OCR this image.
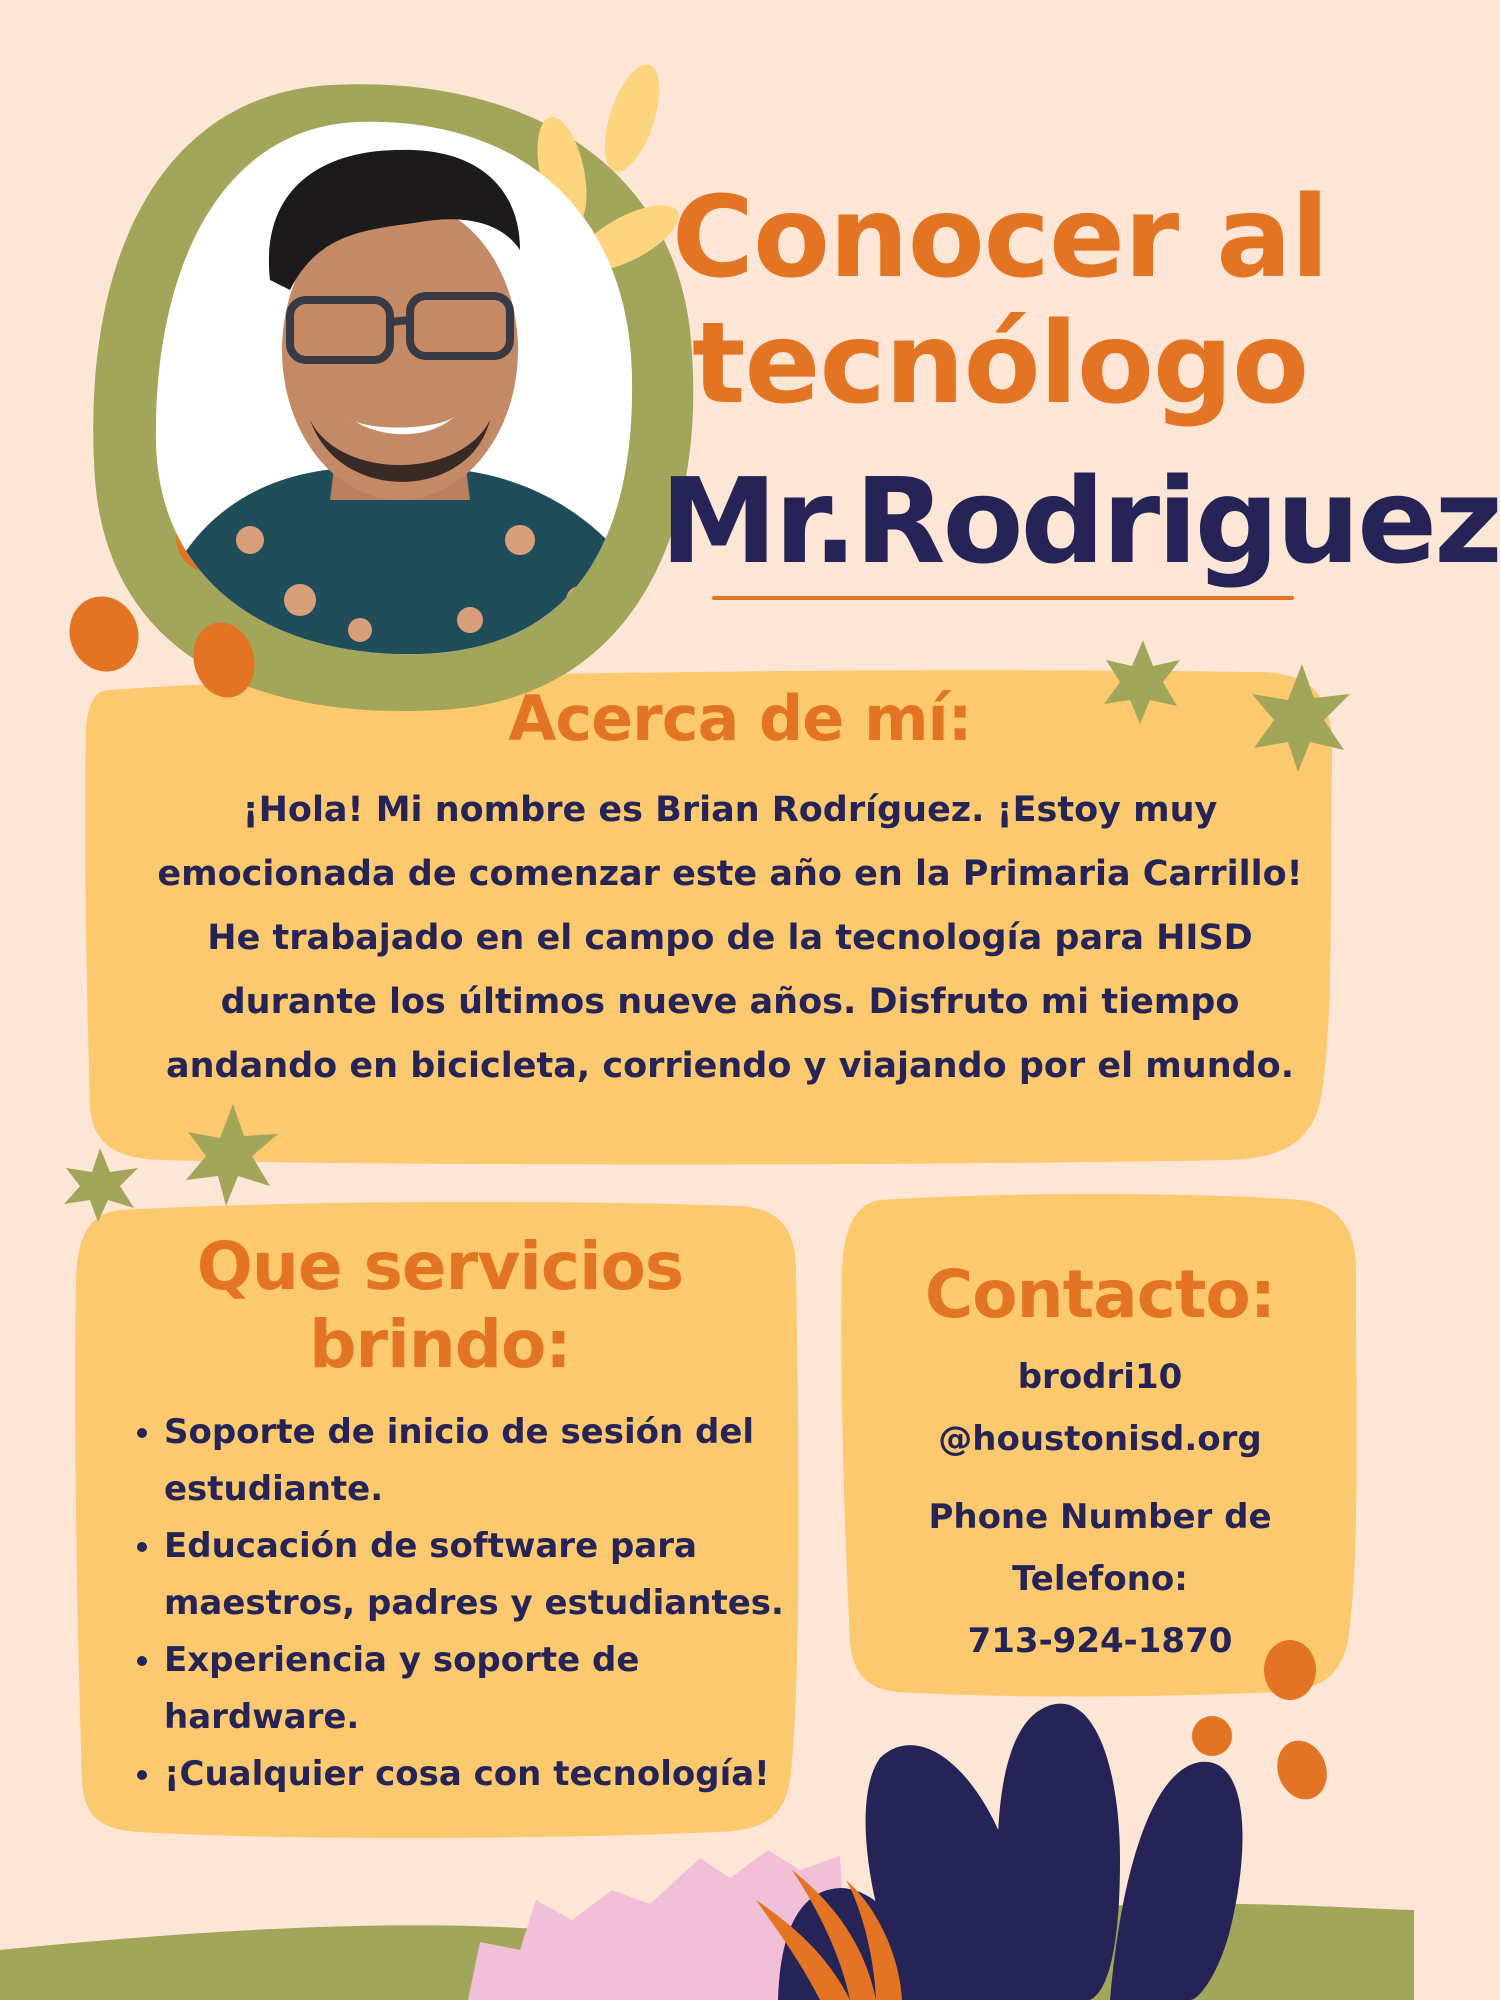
Conocer al
tecnólogo
Mr.Rodriguez
Acerca de mí:

¡Hola! Mi nombre es Brian Rodríguez. ¡Estoy muy emocionada de comenzar este año en la Primaria Carrillo! He trabajado en el campo de la tecnología para HISD durante los últimos nueve años. Disfruto mi tiempo andando en bicicleta, corriendo y viajando por el mundo.

Que servicios
brindo:
• Soporte de inicio de sesión del estudiante.
• Educación de software para maestros, padres y estudiantes.
• Experiencia y soporte de hardware.
• ¡Cualquier cosa con tecnología!
Contacto:
brodri10
@houstonisd.org
Phone Number de
Telefono:
713-924-1870
